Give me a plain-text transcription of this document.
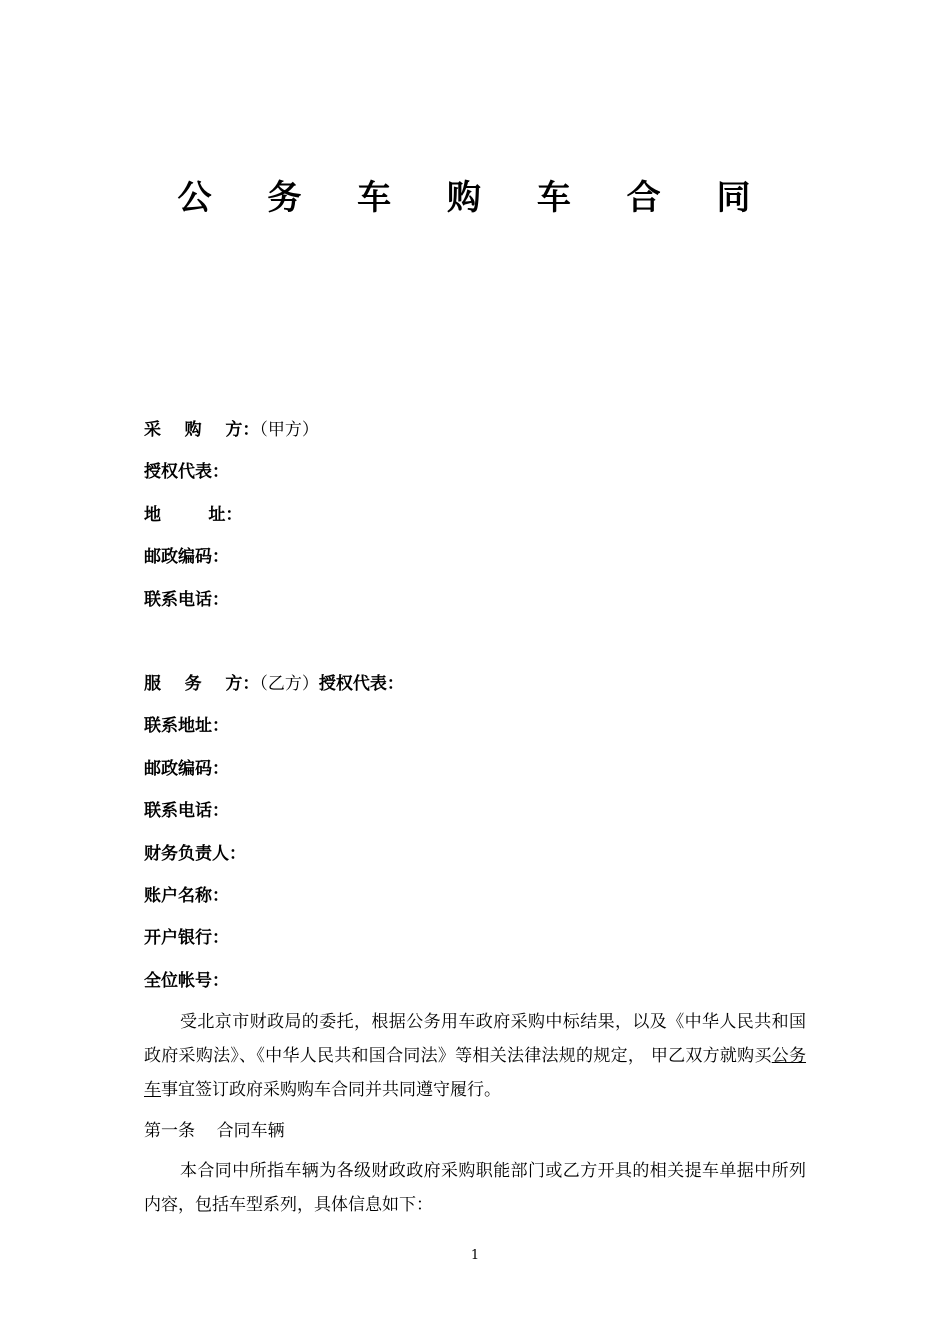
公 务 车 购 车 合 同
采    购    方：（甲方）
授权代表：
地        址：
邮政编码：
联系电话：
服    务    方：（乙方）授权代表：
联系地址：
邮政编码：
联系电话：
财务负责人：
账户名称：
开户银行：
全位帐号：

受北京市财政局的委托，根据公务用车政府采购中标结果，以及《中华人民共和国政府采购法》、《中华人民共和国合同法》等相关法律法规的规定， 甲乙双方就购买公务车事宜签订政府采购购车合同并共同遵守履行。

第一条    合同车辆

本合同中所指车辆为各级财政政府采购职能部门或乙方开具的相关提车单据中所列内容，包括车型系列，具体信息如下：

1
